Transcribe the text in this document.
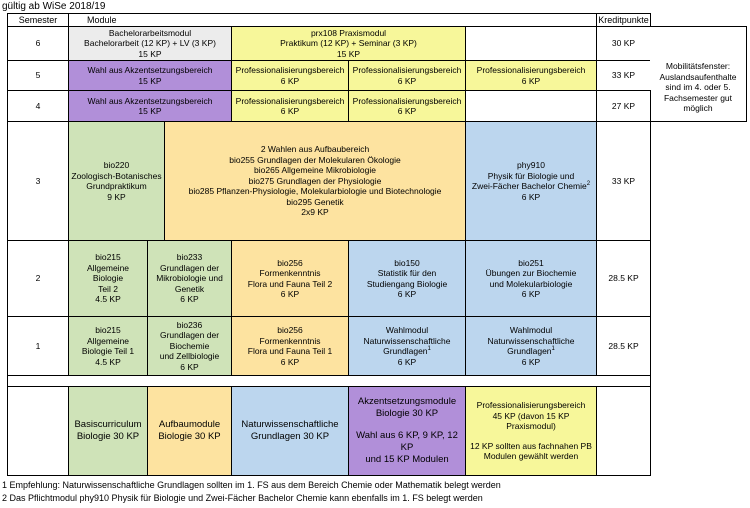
gültig ab WiSe 2018/19
Semester	Module	Kreditpunkte
6
Bachelorarbeitsmodul
Bachelorarbeit (12 KP) + LV (3 KP)
15 KP
prx108 Praxismodul
Praktikum (12 KP) + Seminar (3 KP)
15 KP
30 KP
5
Wahl aus Akzentsetzungsbereich
15 KP
Professionalisierungsbereich
6 KP
Professionalisierungsbereich
6 KP
Professionalisierungsbereich
6 KP
33 KP
Mobilitätsfenster: Auslandsaufenthalte sind im 4. oder 5. Fachsemester gut möglich
4
Wahl aus Akzentsetzungsbereich
15 KP
Professionalisierungsbereich
6 KP
Professionalisierungsbereich
6 KP
27 KP
3
bio220
Zoologisch-Botanisches
Grundpraktikum
9 KP
2 Wahlen aus Aufbaubereich
bio255 Grundlagen der Molekularen Ökologie
bio265 Allgemeine Mikrobiologie
bio275 Grundlagen der Physiologie
bio285 Pflanzen-Physiologie, Molekularbiologie und Biotechnologie
bio295 Genetik
2x9 KP
phy910
Physik für Biologie und
Zwei-Fächer Bachelor Chemie$^2$
6 KP
33 KP
2
bio215
Allgemeine Biologie
Teil 2
4.5 KP
bio233
Grundlagen der
Mikrobiologie und
Genetik
6 KP
bio256
Formenkenntnis
Flora und Fauna Teil 2
6 KP
bio150
Statistik für den
Studiengang Biologie
6 KP
bio251
Übungen zur Biochemie
und Molekularbiologie
6 KP
28.5 KP
1
bio215
Allgemeine
Biologie Teil 1
4.5 KP
bio236
Grundlagen der
Biochemie
und Zellbiologie
6 KP
bio256
Formenkenntnis
Flora und Fauna Teil 1
6 KP
Wahlmodul
Naturwissenschaftliche
Grundlagen$^1$
6 KP
Wahlmodul
Naturwissenschaftliche
Grundlagen$^1$
6 KP
28.5 KP
Basiscurriculum
Biologie 30 KP
Aufbaumodule
Biologie 30 KP
Naturwissenschaftliche
Grundlagen 30 KP
Akzentsetzungsmodule
Biologie 30 KP
Wahl aus 6 KP, 9 KP, 12 KP
und 15 KP Modulen
Professionalisierungsbereich
45 KP (davon 15 KP
Praxismodul)
12 KP sollten aus fachnahen PB
Modulen gewählt werden
1 Empfehlung: Naturwissenschaftliche Grundlagen sollten im 1. FS aus dem Bereich Chemie oder Mathematik belegt werden
2 Das Pflichtmodul phy910 Physik für Biologie und Zwei-Fächer Bachelor Chemie kann ebenfalls im 1. FS belegt werden
